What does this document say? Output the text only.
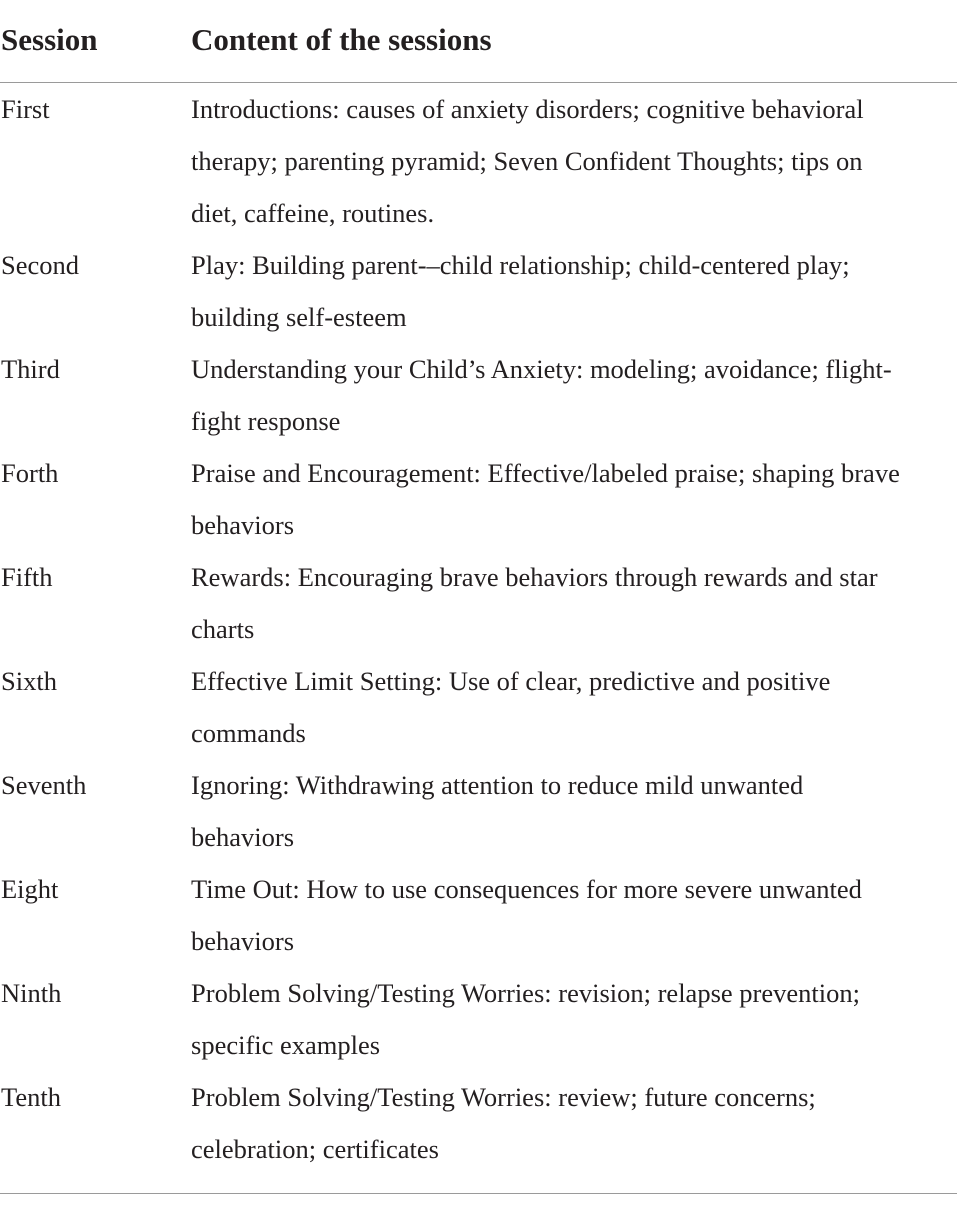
Session	Content of the sessions
First	Introductions: causes of anxiety disorders; cognitive behavioral
therapy; parenting pyramid; Seven Confident Thoughts; tips on
diet, caffeine, routines.
Second	Play: Building parent-–child relationship; child-centered play;
building self-esteem
Third	Understanding your Child’s Anxiety: modeling; avoidance; flight-
fight response
Forth	Praise and Encouragement: Effective/labeled praise; shaping brave
behaviors
Fifth	Rewards: Encouraging brave behaviors through rewards and star
charts
Sixth	Effective Limit Setting: Use of clear, predictive and positive
commands
Seventh	Ignoring: Withdrawing attention to reduce mild unwanted
behaviors
Eight	Time Out: How to use consequences for more severe unwanted
behaviors
Ninth	Problem Solving/Testing Worries: revision; relapse prevention;
specific examples
Tenth	Problem Solving/Testing Worries: review; future concerns;
celebration; certificates
